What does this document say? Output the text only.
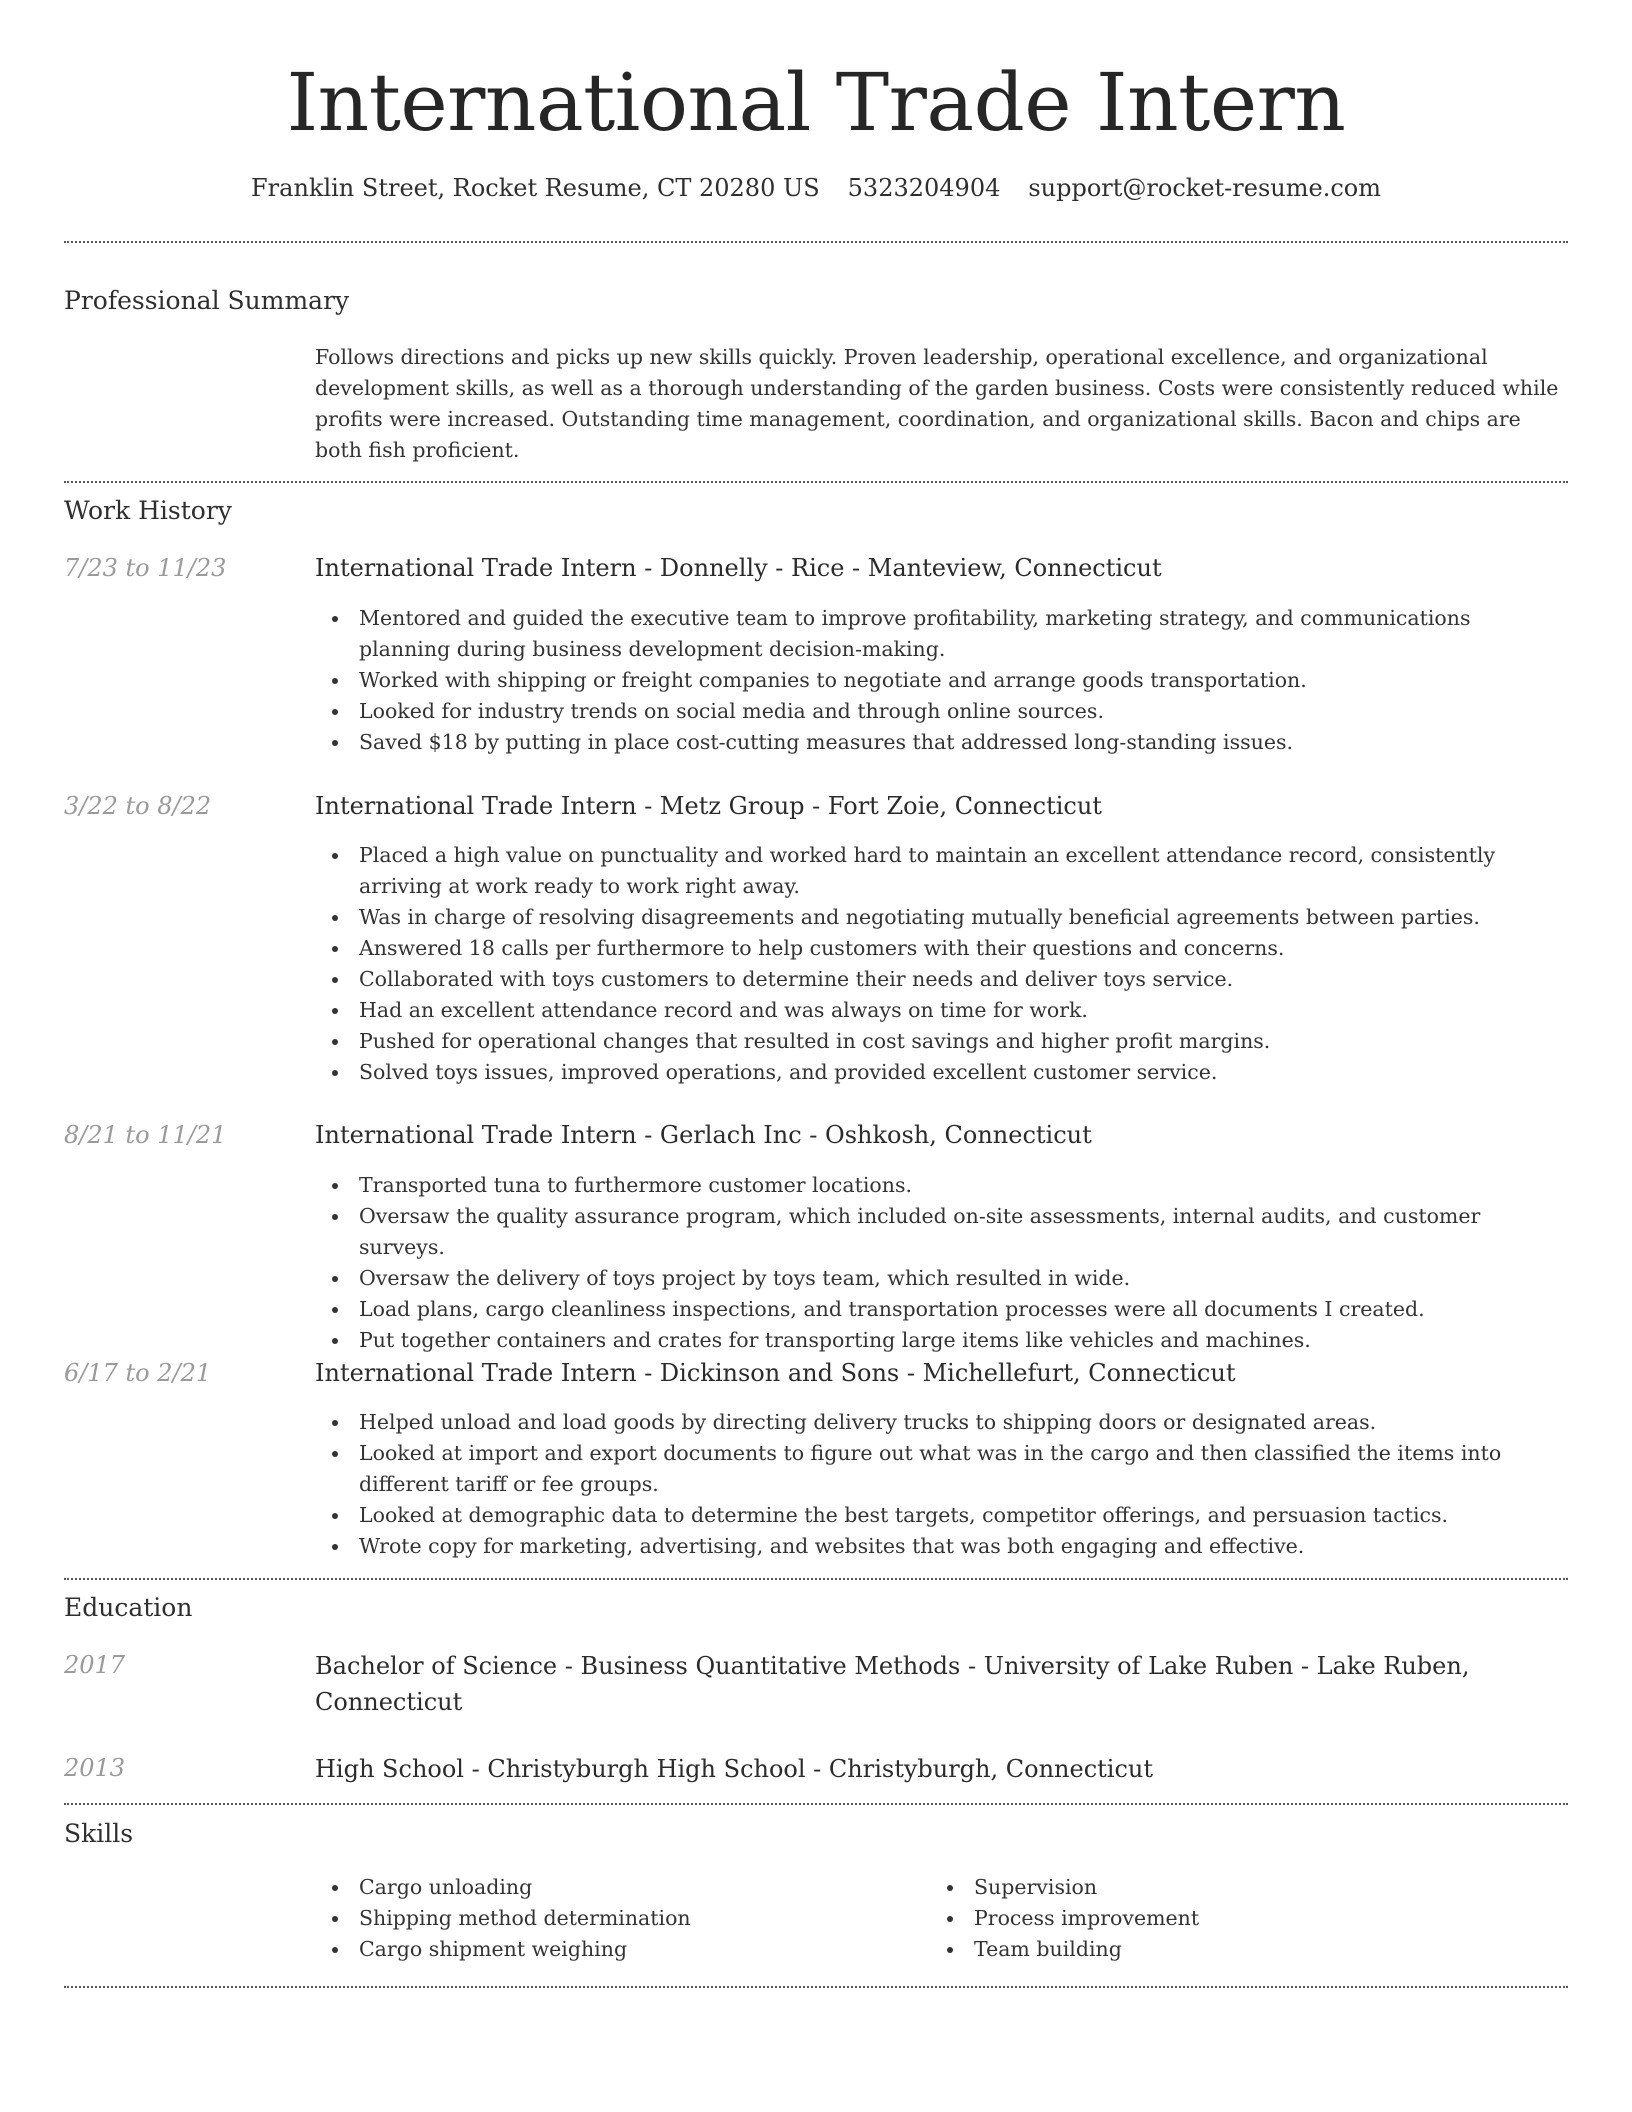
International Trade Intern
Franklin Street, Rocket Resume, CT 20280 US 5323204904 support@rocket-resume.com
Professional Summary
Follows directions and picks up new skills quickly. Proven leadership, operational excellence, and organizational development skills, as well as a thorough understanding of the garden business. Costs were consistently reduced while profits were increased. Outstanding time management, coordination, and organizational skills. Bacon and chips are both fish proficient.
Work History
7/23 to 11/23	International Trade Intern - Donnelly - Rice - Manteview, Connecticut
Mentored and guided the executive team to improve profitability, marketing strategy, and communications planning during business development decision-making.
Worked with shipping or freight companies to negotiate and arrange goods transportation.
Looked for industry trends on social media and through online sources.
Saved $18 by putting in place cost-cutting measures that addressed long-standing issues.
3/22 to 8/22	International Trade Intern - Metz Group - Fort Zoie, Connecticut
Placed a high value on punctuality and worked hard to maintain an excellent attendance record, consistently arriving at work ready to work right away.
Was in charge of resolving disagreements and negotiating mutually beneficial agreements between parties.
Answered 18 calls per furthermore to help customers with their questions and concerns.
Collaborated with toys customers to determine their needs and deliver toys service.
Had an excellent attendance record and was always on time for work.
Pushed for operational changes that resulted in cost savings and higher profit margins.
Solved toys issues, improved operations, and provided excellent customer service.
8/21 to 11/21	International Trade Intern - Gerlach Inc - Oshkosh, Connecticut
Transported tuna to furthermore customer locations.
Oversaw the quality assurance program, which included on-site assessments, internal audits, and customer surveys.
Oversaw the delivery of toys project by toys team, which resulted in wide.
Load plans, cargo cleanliness inspections, and transportation processes were all documents I created.
Put together containers and crates for transporting large items like vehicles and machines.
6/17 to 2/21	International Trade Intern - Dickinson and Sons - Michellefurt, Connecticut
Helped unload and load goods by directing delivery trucks to shipping doors or designated areas.
Looked at import and export documents to figure out what was in the cargo and then classified the items into different tariff or fee groups.
Looked at demographic data to determine the best targets, competitor offerings, and persuasion tactics.
Wrote copy for marketing, advertising, and websites that was both engaging and effective.
Education
2017	Bachelor of Science - Business Quantitative Methods - University of Lake Ruben - Lake Ruben, Connecticut
2013	High School - Christyburgh High School - Christyburgh, Connecticut
Skills
Cargo unloading
Shipping method determination
Cargo shipment weighing
Supervision
Process improvement
Team building
